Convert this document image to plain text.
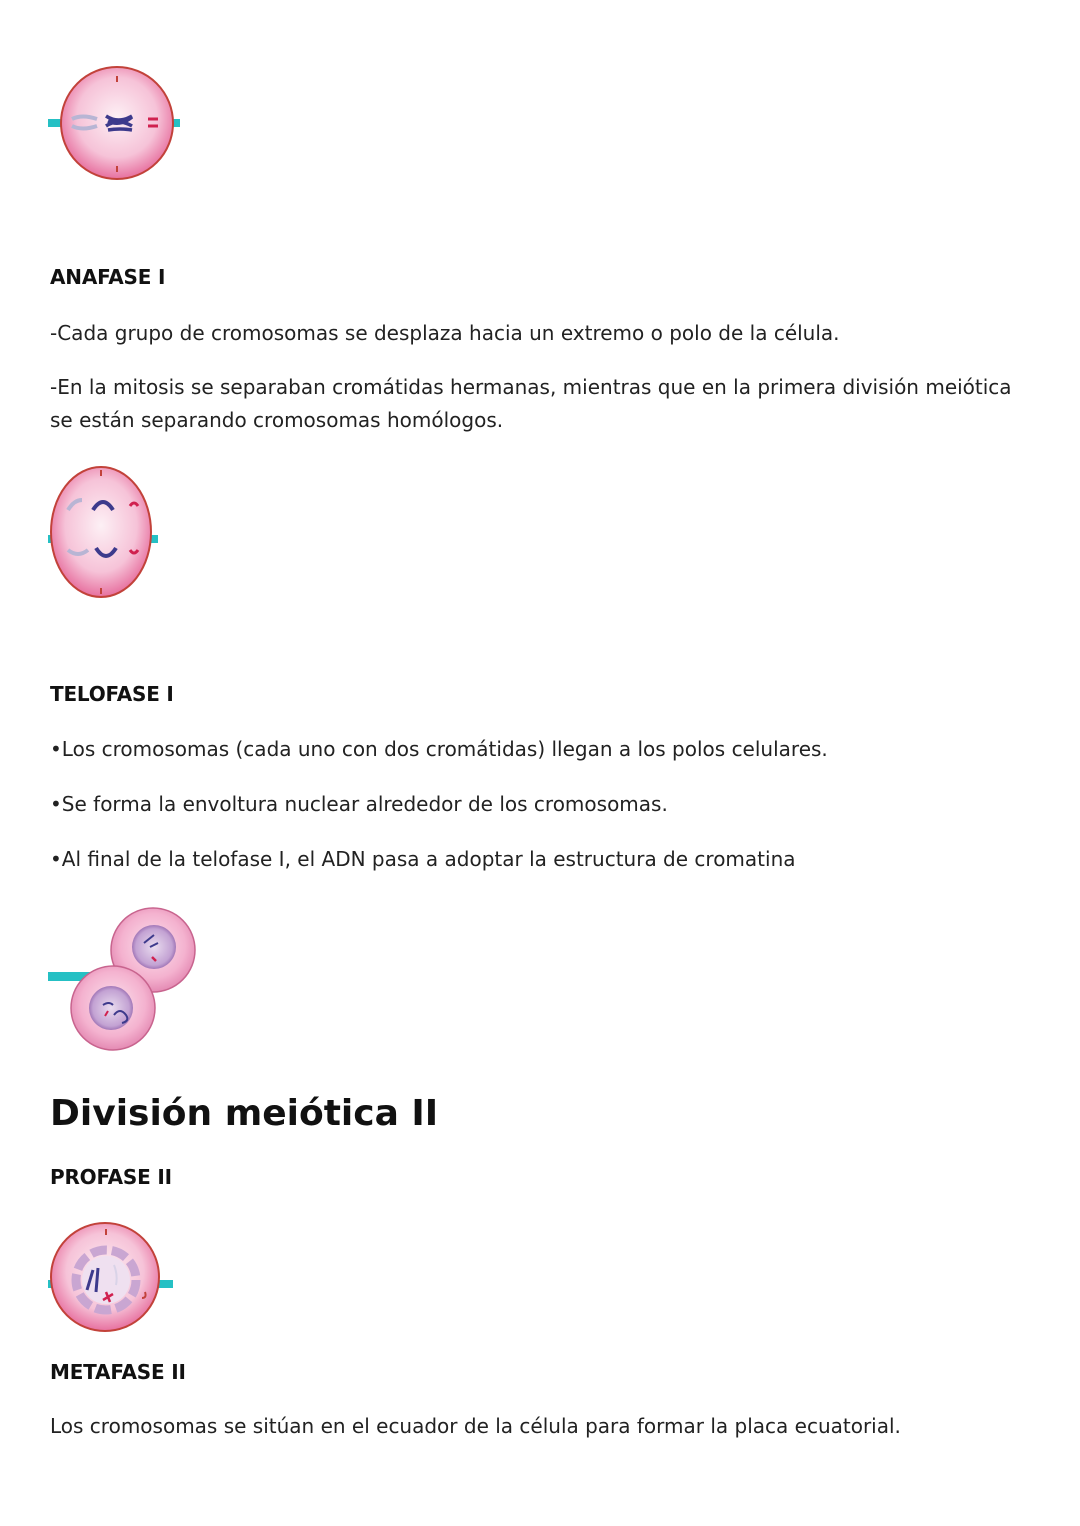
ANAFASE I
-Cada grupo de cromosomas se desplaza hacia un extremo o polo de la célula.
-En la mitosis se separaban cromátidas hermanas, mientras que en la primera división meiótica se están separando cromosomas homólogos.
TELOFASE I
•Los cromosomas (cada uno con dos cromátidas) llegan a los polos celulares.
•Se forma la envoltura nuclear alrededor de los cromosomas.
•Al final de la telofase I, el ADN pasa a adoptar la estructura de cromatina
División meiótica II
PROFASE II
METAFASE II
Los cromosomas se sitúan en el ecuador de la célula para formar la placa ecuatorial.
